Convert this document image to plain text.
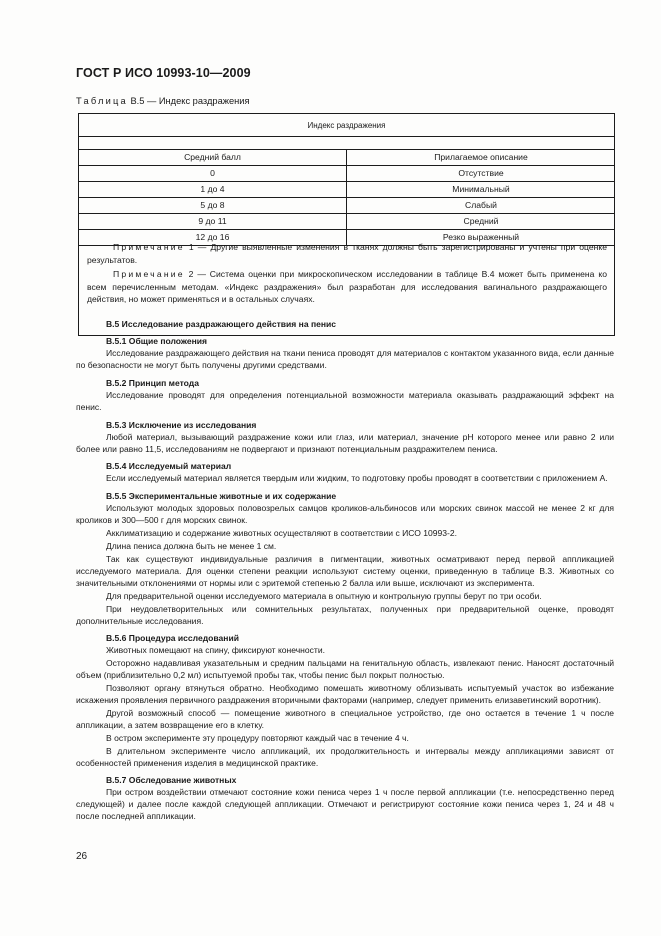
ГОСТ Р ИСО 10993-10—2009
Таблица В.5 — Индекс раздражения
Индекс раздражения
Средний балл	Прилагаемое описание
0	Отсутствие
1 до 4	Минимальный
5 до 8	Слабый
9 до 11	Средний
12 до 16	Резко выраженный

Примечание 1 — Другие выявленные изменения в тканях должны быть зарегистрированы и учтены при оценке результатов.

Примечание 2 — Система оценки при микроскопическом исследовании в таблице В.4 может быть применена ко всем перечисленным методам. «Индекс раздражения» был разработан для исследования вагинального раздражающего действия, но может применяться и в остальных случаях.

В.5 Исследование раздражающего действия на пенис
В.5.1 Общие положения

Исследование раздражающего действия на ткани пениса проводят для материалов с контактом указанного вида, если данные по безопасности не могут быть получены другими средствами.

В.5.2 Принцип метода

Исследование проводят для определения потенциальной возможности материала оказывать раздражающий эффект на пенис.

В.5.3 Исключение из исследования

Любой материал, вызывающий раздражение кожи или глаз, или материал, значение pH которого менее или равно 2 или более или равно 11,5, исследованиям не подвергают и признают потенциальным раздражителем пениса.

В.5.4 Исследуемый материал

Если исследуемый материал является твердым или жидким, то подготовку пробы проводят в соответствии с приложением А.

В.5.5 Экспериментальные животные и их содержание

Используют молодых здоровых половозрелых самцов кроликов-альбиносов или морских свинок массой не менее 2 кг для кроликов и 300—500 г для морских свинок.

Акклиматизацию и содержание животных осуществляют в соответствии с ИСО 10993-2.

Длина пениса должна быть не менее 1 см.

Так как существуют индивидуальные различия в пигментации, животных осматривают перед первой аппликацией исследуемого материала. Для оценки степени реакции используют систему оценки, приведенную в таблице В.3. Животных со значительными отклонениями от нормы или с эритемой степенью 2 балла или выше, исключают из эксперимента.

Для предварительной оценки исследуемого материала в опытную и контрольную группы берут по три особи.

При неудовлетворительных или сомнительных результатах, полученных при предварительной оценке, проводят дополнительные исследования.

В.5.6 Процедура исследований

Животных помещают на спину, фиксируют конечности.

Осторожно надавливая указательным и средним пальцами на генитальную область, извлекают пенис. Наносят достаточный объем (приблизительно 0,2 мл) испытуемой пробы так, чтобы пенис был покрыт полностью.

Позволяют органу втянуться обратно. Необходимо помешать животному облизывать испытуемый участок во избежание искажения проявления первичного раздражения вторичными факторами (например, следует применить елизаветинский воротник).

Другой возможный способ — помещение животного в специальное устройство, где оно остается в течение 1 ч после аппликации, а затем возвращение его в клетку.

В остром эксперименте эту процедуру повторяют каждый час в течение 4 ч.

В длительном эксперименте число аппликаций, их продолжительность и интервалы между аппликациями зависят от особенностей применения изделия в медицинской практике.

В.5.7 Обследование животных

При остром воздействии отмечают состояние кожи пениса через 1 ч после первой аппликации (т.е. непосредственно перед следующей) и далее после каждой следующей аппликации. Отмечают и регистрируют состояние кожи пениса через 1, 24 и 48 ч после последней аппликации.

26
